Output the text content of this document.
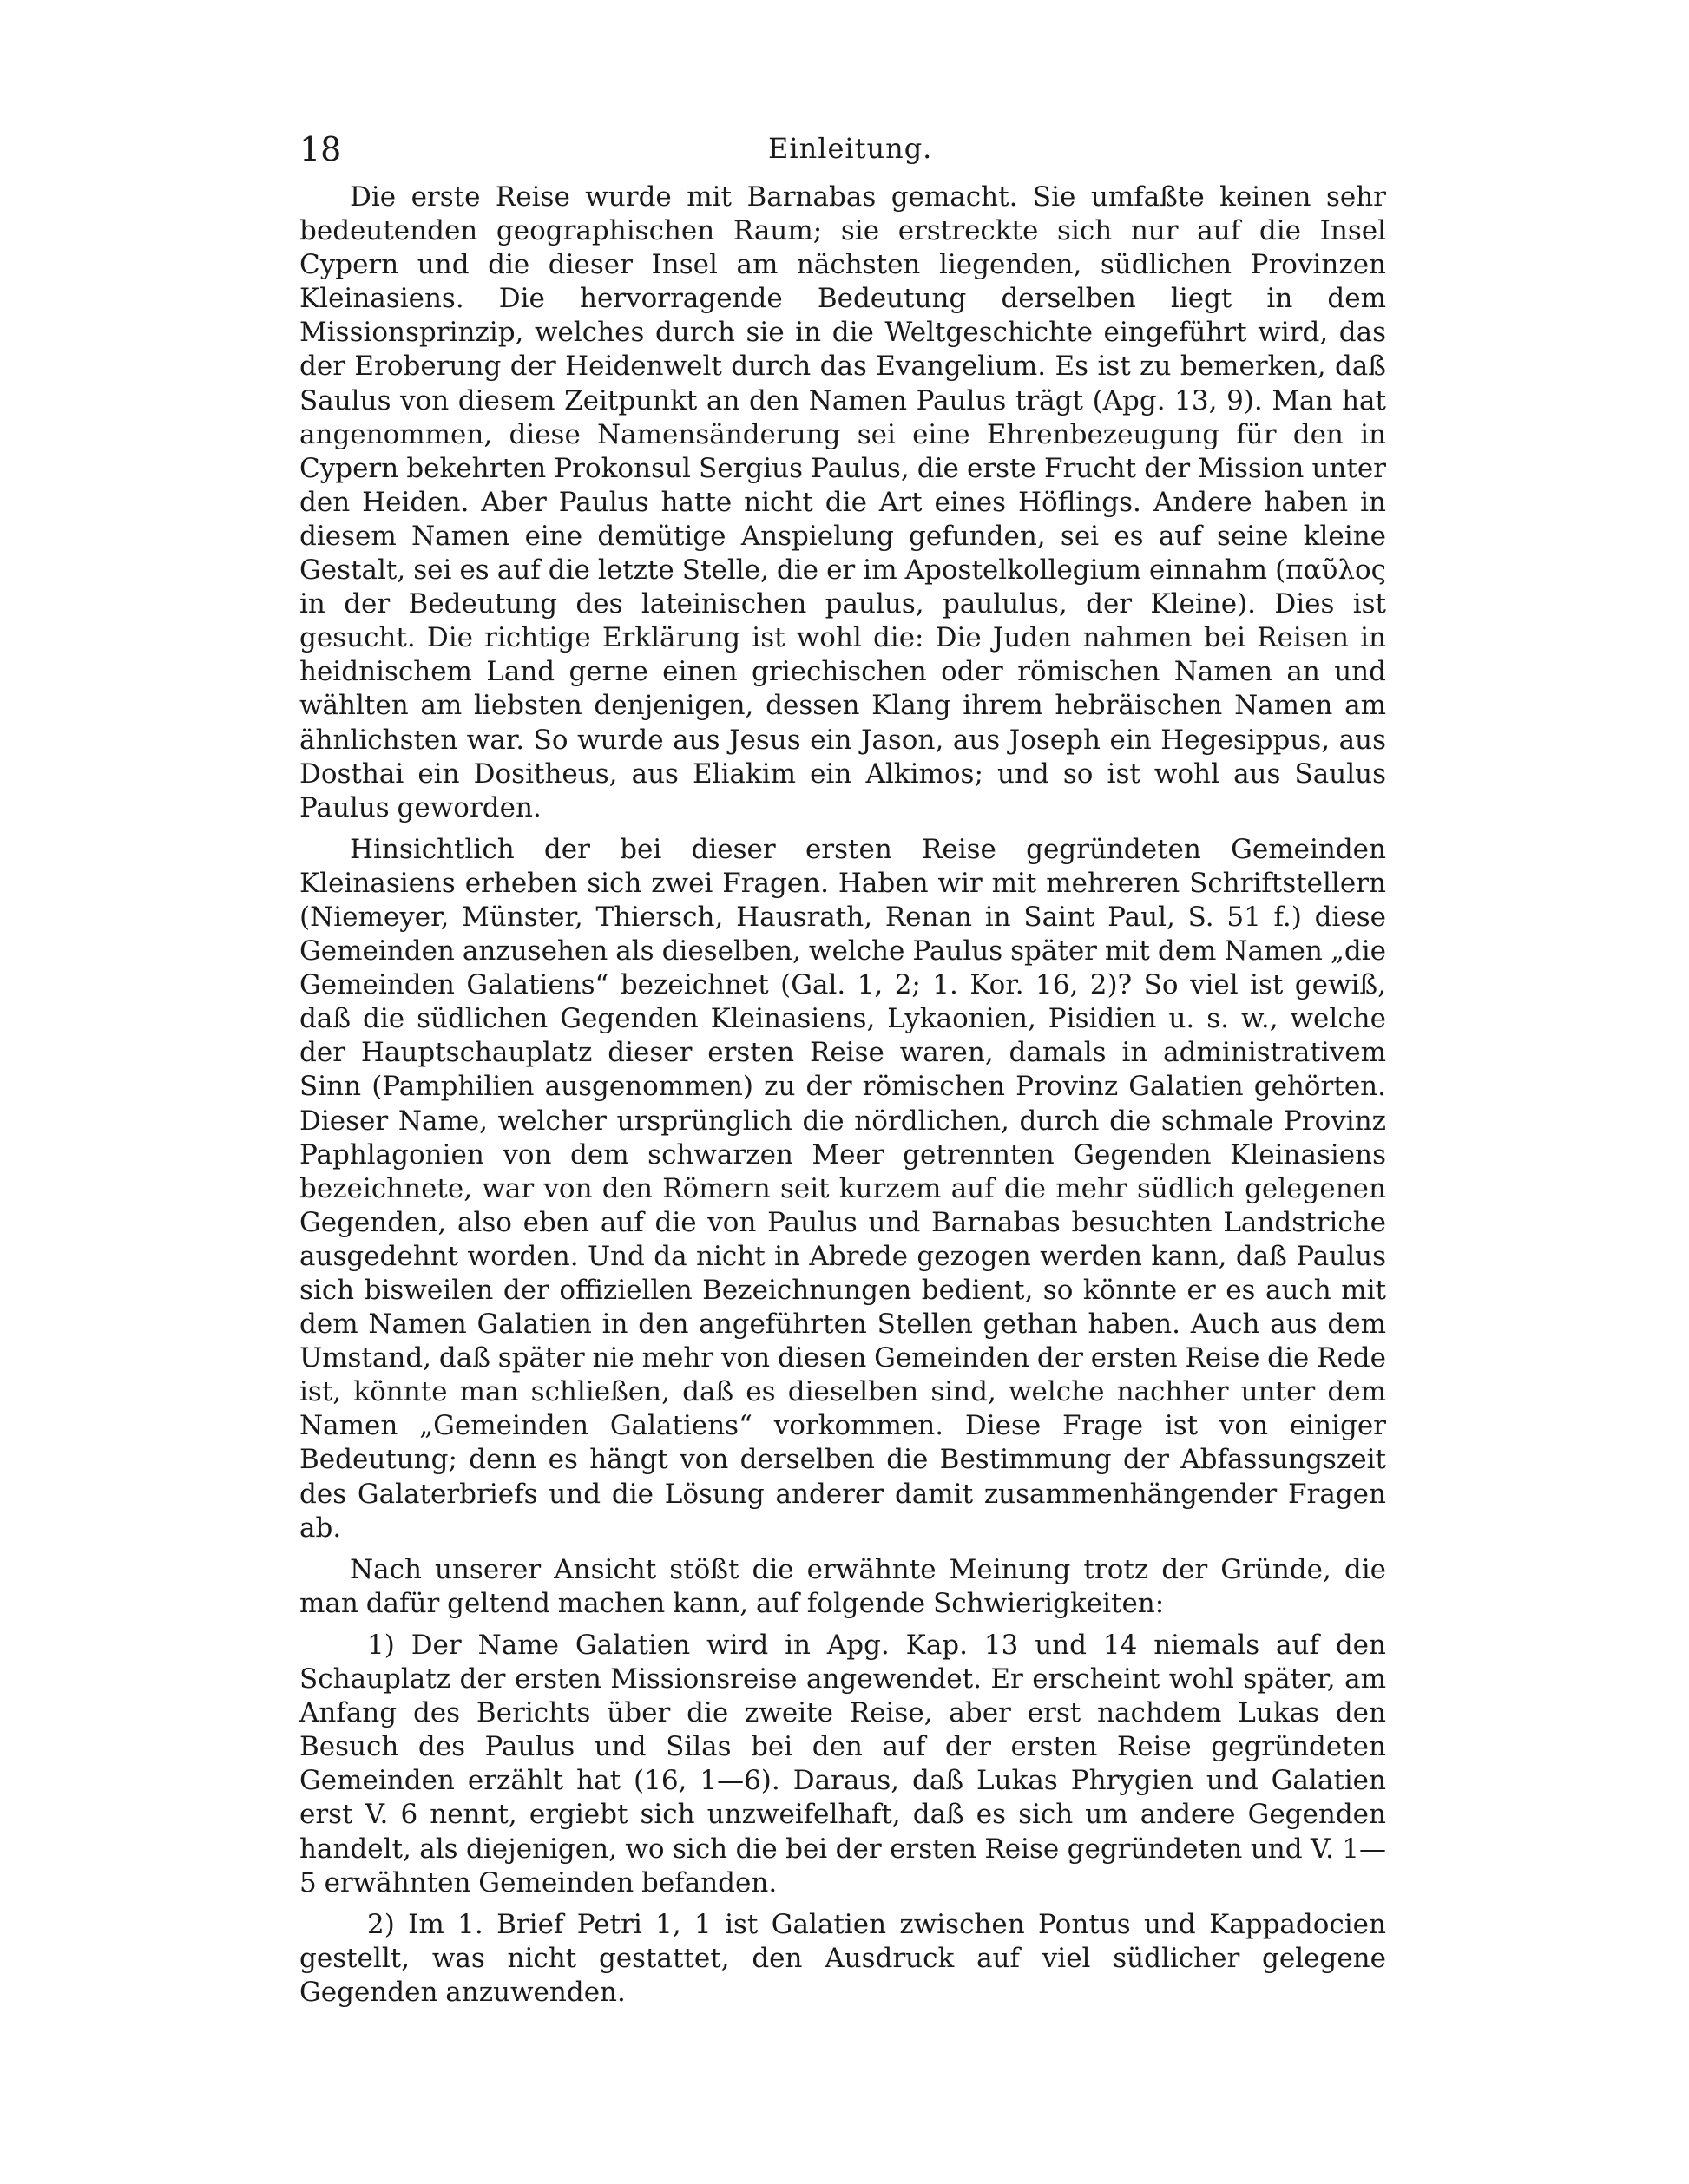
18	Einleitung.

Die erste Reise wurde mit Barnabas gemacht. Sie umfaßte keinen sehr bedeutenden geographischen Raum; sie erstreckte sich nur auf die Insel Cypern und die dieser Insel am nächsten liegenden, südlichen Provinzen Kleinasiens. Die hervorragende Bedeutung derselben liegt in dem Missionsprinzip, welches durch sie in die Weltgeschichte eingeführt wird, das der Eroberung der Heidenwelt durch das Evangelium. Es ist zu bemerken, daß Saulus von diesem Zeitpunkt an den Namen Paulus trägt (Apg. 13, 9). Man hat angenommen, diese Namensänderung sei eine Ehrenbezeugung für den in Cypern bekehrten Prokonsul Sergius Paulus, die erste Frucht der Mission unter den Heiden. Aber Paulus hatte nicht die Art eines Höflings. Andere haben in diesem Namen eine demütige Anspielung gefunden, sei es auf seine kleine Gestalt, sei es auf die letzte Stelle, die er im Apostelkollegium einnahm (παῦλος in der Bedeutung des lateinischen paulus, paululus, der Kleine). Dies ist gesucht. Die richtige Erklärung ist wohl die: Die Juden nahmen bei Reisen in heidnischem Land gerne einen griechischen oder römischen Namen an und wählten am liebsten denjenigen, dessen Klang ihrem hebräischen Namen am ähnlichsten war. So wurde aus Jesus ein Jason, aus Joseph ein Hegesippus, aus Dosthai ein Dositheus, aus Eliakim ein Alkimos; und so ist wohl aus Saulus Paulus geworden.

Hinsichtlich der bei dieser ersten Reise gegründeten Gemeinden Kleinasiens erheben sich zwei Fragen. Haben wir mit mehreren Schriftstellern (Niemeyer, Münster, Thiersch, Hausrath, Renan in Saint Paul, S. 51 f.) diese Gemeinden anzusehen als dieselben, welche Paulus später mit dem Namen „die Gemeinden Galatiens“ bezeichnet (Gal. 1, 2; 1. Kor. 16, 2)? So viel ist gewiß, daß die südlichen Gegenden Kleinasiens, Lykaonien, Pisidien u. s. w., welche der Hauptschauplatz dieser ersten Reise waren, damals in administrativem Sinn (Pamphilien ausgenommen) zu der römischen Provinz Galatien gehörten. Dieser Name, welcher ursprünglich die nördlichen, durch die schmale Provinz Paphlagonien von dem schwarzen Meer getrennten Gegenden Kleinasiens bezeichnete, war von den Römern seit kurzem auf die mehr südlich gelegenen Gegenden, also eben auf die von Paulus und Barnabas besuchten Landstriche ausgedehnt worden. Und da nicht in Abrede gezogen werden kann, daß Paulus sich bisweilen der offiziellen Bezeichnungen bedient, so könnte er es auch mit dem Namen Galatien in den angeführten Stellen gethan haben. Auch aus dem Umstand, daß später nie mehr von diesen Gemeinden der ersten Reise die Rede ist, könnte man schließen, daß es dieselben sind, welche nachher unter dem Namen „Gemeinden Galatiens“ vorkommen. Diese Frage ist von einiger Bedeutung; denn es hängt von derselben die Bestimmung der Abfassungszeit des Galaterbriefs und die Lösung anderer damit zusammenhängender Fragen ab.

Nach unserer Ansicht stößt die erwähnte Meinung trotz der Gründe, die man dafür geltend machen kann, auf folgende Schwierigkeiten:

1) Der Name Galatien wird in Apg. Kap. 13 und 14 niemals auf den Schauplatz der ersten Missionsreise angewendet. Er erscheint wohl später, am Anfang des Berichts über die zweite Reise, aber erst nachdem Lukas den Besuch des Paulus und Silas bei den auf der ersten Reise gegründeten Gemeinden erzählt hat (16, 1—6). Daraus, daß Lukas Phrygien und Galatien erst V. 6 nennt, ergiebt sich unzweifelhaft, daß es sich um andere Gegenden handelt, als diejenigen, wo sich die bei der ersten Reise gegründeten und V. 1—5 erwähnten Gemeinden befanden.

2) Im 1. Brief Petri 1, 1 ist Galatien zwischen Pontus und Kappadocien gestellt, was nicht gestattet, den Ausdruck auf viel südlicher gelegene Gegenden anzuwenden.
